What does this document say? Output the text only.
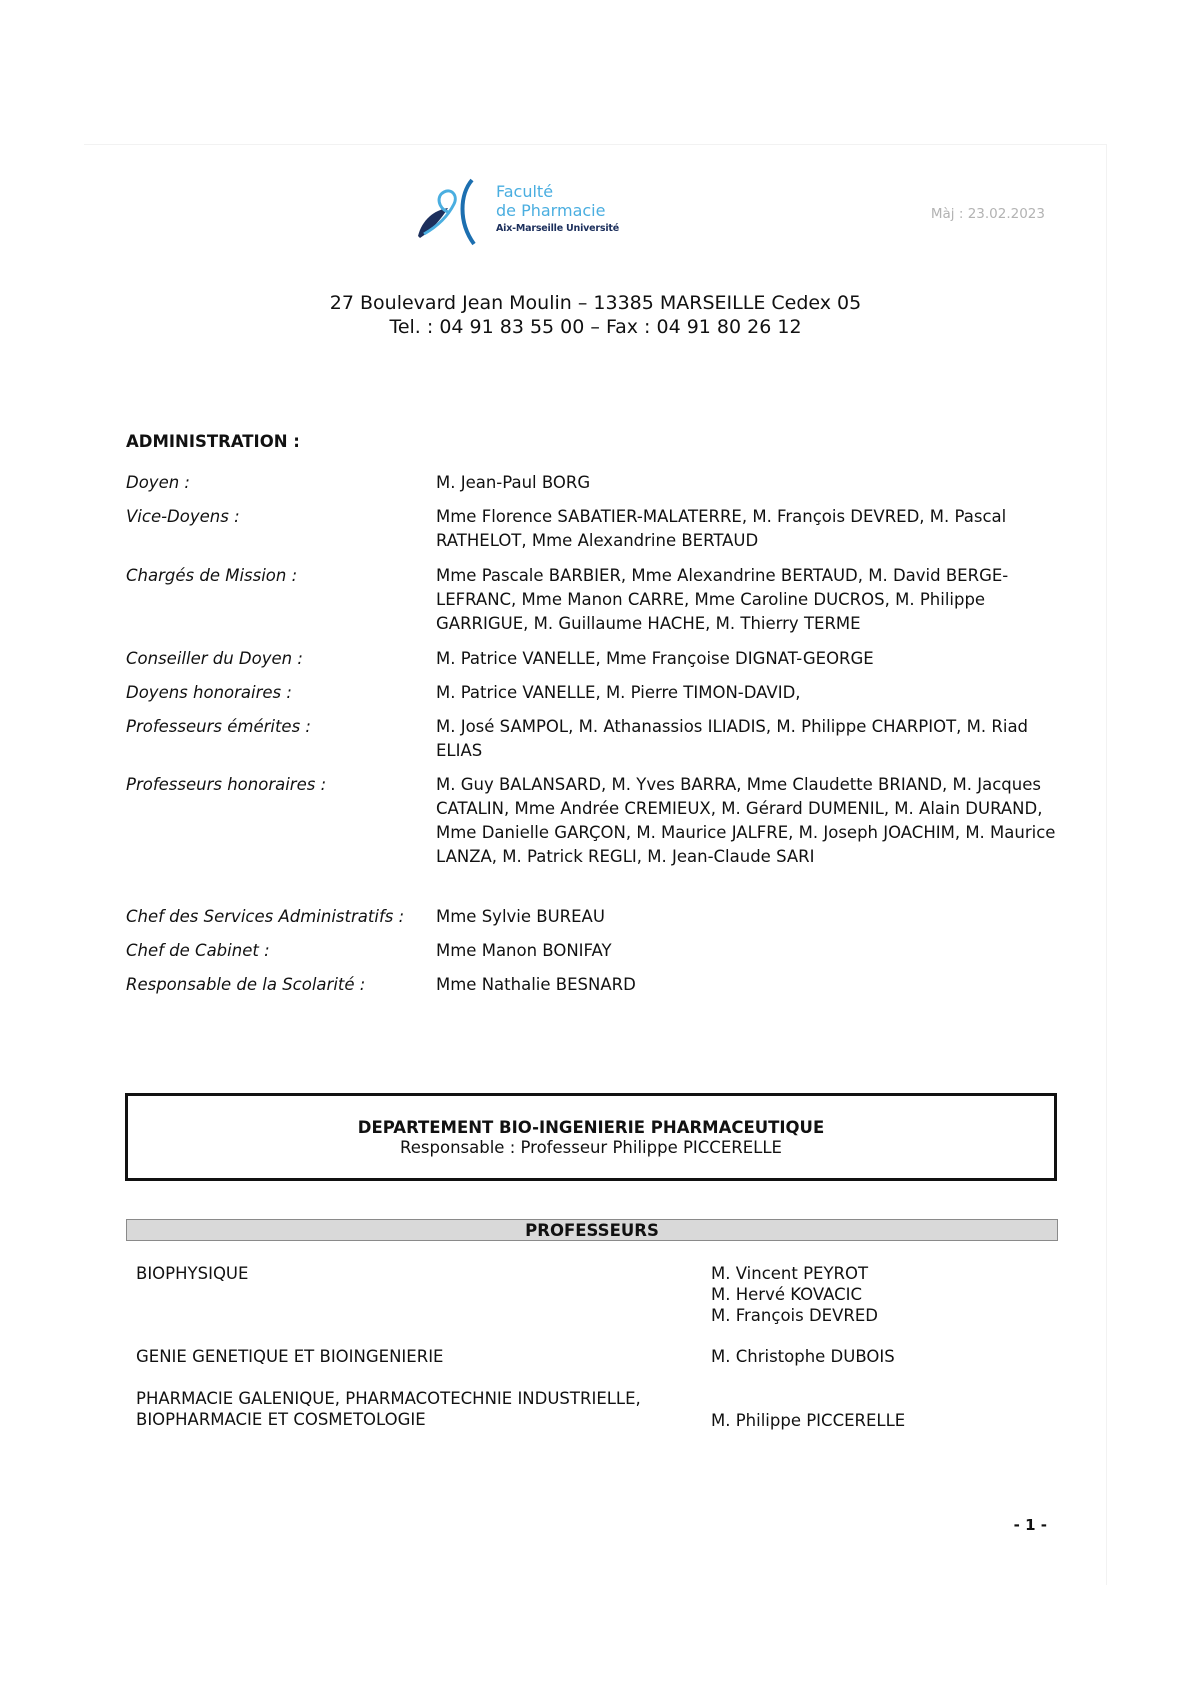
Faculté
de Pharmacie
Aix-Marseille Université
Màj : 23.02.2023
27 Boulevard Jean Moulin – 13385 MARSEILLE Cedex 05
Tel. : 04 91 83 55 00 – Fax : 04 91 80 26 12
ADMINISTRATION :
Doyen :	M. Jean-Paul BORG
Vice-Doyens :	Mme Florence SABATIER-MALATERRE, M. François DEVRED, M. Pascal RATHELOT, Mme Alexandrine BERTAUD
Chargés de Mission :	Mme Pascale BARBIER, Mme Alexandrine BERTAUD, M. David BERGE-LEFRANC, Mme Manon CARRE, Mme Caroline DUCROS, M. Philippe GARRIGUE, M. Guillaume HACHE, M. Thierry TERME
Conseiller du Doyen :	M. Patrice VANELLE, Mme Françoise DIGNAT-GEORGE
Doyens honoraires :	M. Patrice VANELLE, M. Pierre TIMON-DAVID,
Professeurs émérites :	M. José SAMPOL, M. Athanassios ILIADIS, M. Philippe CHARPIOT, M. Riad ELIAS
Professeurs honoraires :	M. Guy BALANSARD, M. Yves BARRA, Mme Claudette BRIAND, M. Jacques CATALIN, Mme Andrée CREMIEUX, M. Gérard DUMENIL, M. Alain DURAND, Mme Danielle GARÇON, M. Maurice JALFRE, M. Joseph JOACHIM, M. Maurice LANZA, M. Patrick REGLI, M. Jean-Claude SARI
Chef des Services Administratifs :	Mme Sylvie BUREAU
Chef de Cabinet :	Mme Manon BONIFAY
Responsable de la Scolarité :	Mme Nathalie BESNARD
DEPARTEMENT BIO-INGENIERIE PHARMACEUTIQUE
Responsable : Professeur Philippe PICCERELLE
PROFESSEURS
BIOPHYSIQUE	M. Vincent PEYROT
M. Hervé KOVACIC
M. François DEVRED
GENIE GENETIQUE ET BIOINGENIERIE	M. Christophe DUBOIS
PHARMACIE GALENIQUE, PHARMACOTECHNIE INDUSTRIELLE,
BIOPHARMACIE ET COSMETOLOGIE	M. Philippe PICCERELLE
- 1 -
